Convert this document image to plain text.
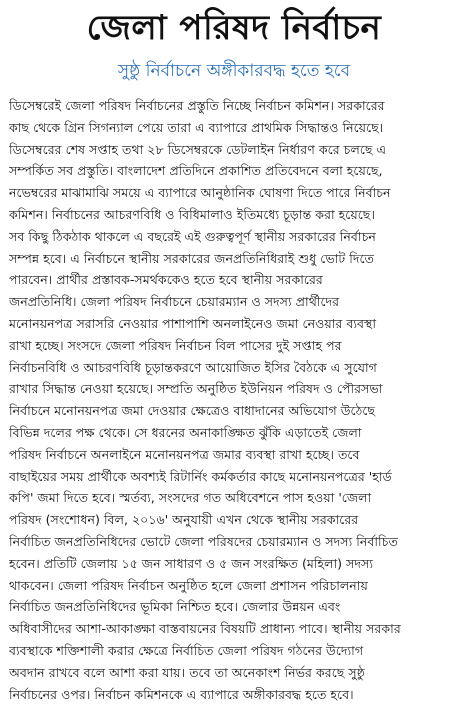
জেলা পরিষদ নির্বাচন
সুষ্ঠু নির্বাচনে অঙ্গীকারবদ্ধ হতে হবে
ডিসেম্বরেই জেলা পরিষদ নির্বাচনের প্রস্তুতি নিচ্ছে নির্বাচন কমিশন। সরকারের
কাছ থেকে গ্রিন সিগন্যাল পেয়ে তারা এ ব্যাপারে প্রাথমিক সিদ্ধান্তও নিয়েছে।
ডিসেম্বরের শেষ সপ্তাহ তথা ২৮ ডিসেম্বরকে ডেটলাইন নির্ধারণ করে চলছে এ
সম্পর্কিত সব প্রস্তুতি। বাংলাদেশ প্রতিদিনে প্রকাশিত প্রতিবেদনে বলা হয়েছে,
নভেম্বরের মাঝামাঝি সময়ে এ ব্যাপারে আনুষ্ঠানিক ঘোষণা দিতে পারে নির্বাচন
কমিশন। নির্বাচনের আচরণবিধি ও বিধিমালাও ইতিমধ্যে চূড়ান্ত করা হয়েছে।
সব কিছু ঠিকঠাক থাকলে এ বছরেই এই গুরুত্বপূর্ণ স্থানীয় সরকারের নির্বাচন
সম্পন্ন হবে। এ নির্বাচনে স্থানীয় সরকারের জনপ্রতিনিধিরাই শুধু ভোট দিতে
পারবেন। প্রার্থীর প্রস্তাবক-সমর্থককেও হতে হবে স্থানীয় সরকারের
জনপ্রতিনিধি। জেলা পরিষদ নির্বাচনে চেয়ারম্যান ও সদস্য প্রার্থীদের
মনোনয়নপত্র সরাসরি নেওয়ার পাশাপাশি অনলাইনেও জমা নেওয়ার ব্যবস্থা
রাখা হচ্ছে। সংসদে জেলা পরিষদ নির্বাচন বিল পাসের দুই সপ্তাহ পর
নির্বাচনবিধি ও আচরণবিধি চূড়ান্তকরণে আয়োজিত ইসির বৈঠকে এ সুযোগ
রাখার সিদ্ধান্ত নেওয়া হয়েছে। সম্প্রতি অনুষ্ঠিত ইউনিয়ন পরিষদ ও পৌরসভা
নির্বাচনে মনোনয়নপত্র জমা দেওয়ার ক্ষেত্রেও বাধাদানের অভিযোগ উঠেছে
বিভিন্ন দলের পক্ষ থেকে। সে ধরনের অনাকাঙ্ক্ষিত ঝুঁকি এড়াতেই জেলা
পরিষদ নির্বাচনে অনলাইনে মনোনয়নপত্র জমার ব্যবস্থা রাখা হচ্ছে। তবে
বাছাইয়ের সময় প্রার্থীকে অবশ্যই রিটার্নিং কর্মকর্তার কাছে মনোনয়নপত্রের 'হার্ড
কপি' জমা দিতে হবে। স্মর্তব্য, সংসদের গত অধিবেশনে পাস হওয়া 'জেলা
পরিষদ (সংশোধন) বিল, ২০১৬' অনুযায়ী এখন থেকে স্থানীয় সরকারের
নির্বাচিত জনপ্রতিনিধিদের ভোটে জেলা পরিষদের চেয়ারম্যান ও সদস্য নির্বাচিত
হবেন। প্রতিটি জেলায় ১৫ জন সাধারণ ও ৫ জন সংরক্ষিত (মহিলা) সদস্য
থাকবেন। জেলা পরিষদ নির্বাচন অনুষ্ঠিত হলে জেলা প্রশাসন পরিচালনায়
নির্বাচিত জনপ্রতিনিধিদের ভূমিকা নিশ্চিত হবে। জেলার উন্নয়ন এবং
অধিবাসীদের আশা-আকাঙ্ক্ষা বাস্তবায়নের বিষয়টি প্রাধান্য পাবে। স্থানীয় সরকার
ব্যবস্থাকে শক্তিশালী করার ক্ষেত্রে নির্বাচিত জেলা পরিষদ গঠনের উদ্যোগ
অবদান রাখবে বলে আশা করা যায়। তবে তা অনেকাংশ নির্ভর করছে সুষ্ঠু
নির্বাচনের ওপর। নির্বাচন কমিশনকে এ ব্যাপারে অঙ্গীকারবদ্ধ হতে হবে।
